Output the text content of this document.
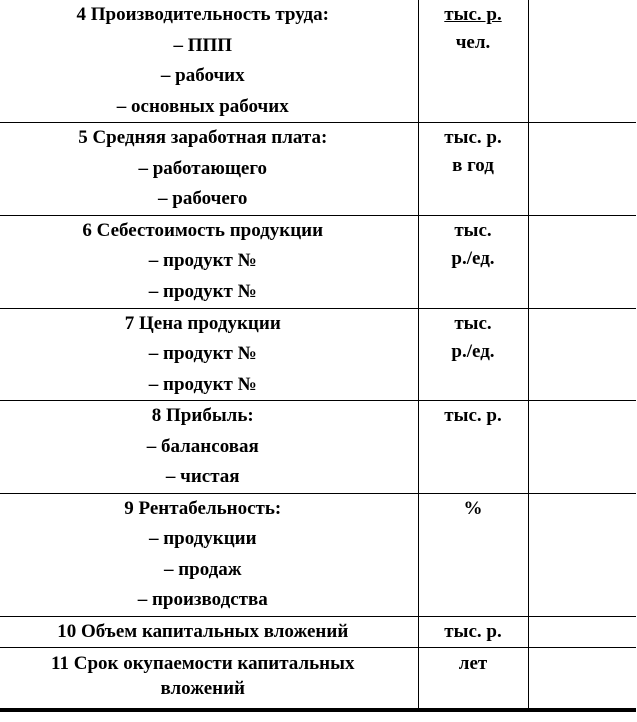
4 Производительность труда:
– ППП
– рабочих
– основных рабочих	тыс. р.
чел.	

5 Средняя заработная плата:
– работающего
– рабочего	тыс. р.
в год	

6 Себестоимость продукции
– продукт №
– продукт №	тыс.
р./ед.	

7 Цена продукции
– продукт №
– продукт №	тыс.
р./ед.	

8 Прибыль:
– балансовая
– чистая	тыс. р.	

9 Рентабельность:
– продукции
– продаж
– производства	%	

10 Объем капитальных вложений	тыс. р.	

11 Срок окупаемости капитальных
вложений	лет	
